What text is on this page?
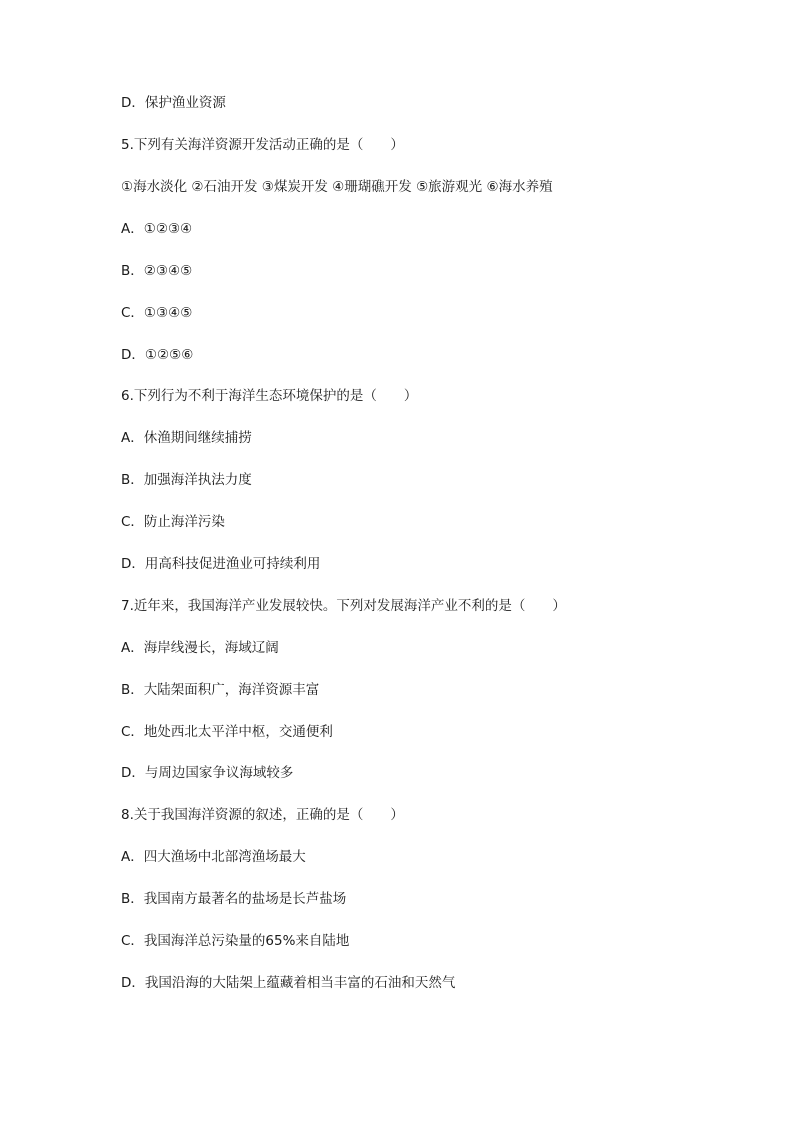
D．保护渔业资源
5.下列有关海洋资源开发活动正确的是（　　）
①海水淡化 ②石油开发 ③煤炭开发 ④珊瑚礁开发 ⑤旅游观光 ⑥海水养殖
A．①②③④
B．②③④⑤
C．①③④⑤
D．①②⑤⑥
6.下列行为不利于海洋生态环境保护的是（　　）
A．休渔期间继续捕捞
B．加强海洋执法力度
C．防止海洋污染
D．用高科技促进渔业可持续利用
7.近年来，我国海洋产业发展较快。下列对发展海洋产业不利的是（　　）
A．海岸线漫长，海域辽阔
B．大陆架面积广，海洋资源丰富
C．地处西北太平洋中枢，交通便利
D．与周边国家争议海域较多
8.关于我国海洋资源的叙述，正确的是（　　）
A．四大渔场中北部湾渔场最大
B．我国南方最著名的盐场是长芦盐场
C．我国海洋总污染量的65%来自陆地
D．我国沿海的大陆架上蕴藏着相当丰富的石油和天然气
